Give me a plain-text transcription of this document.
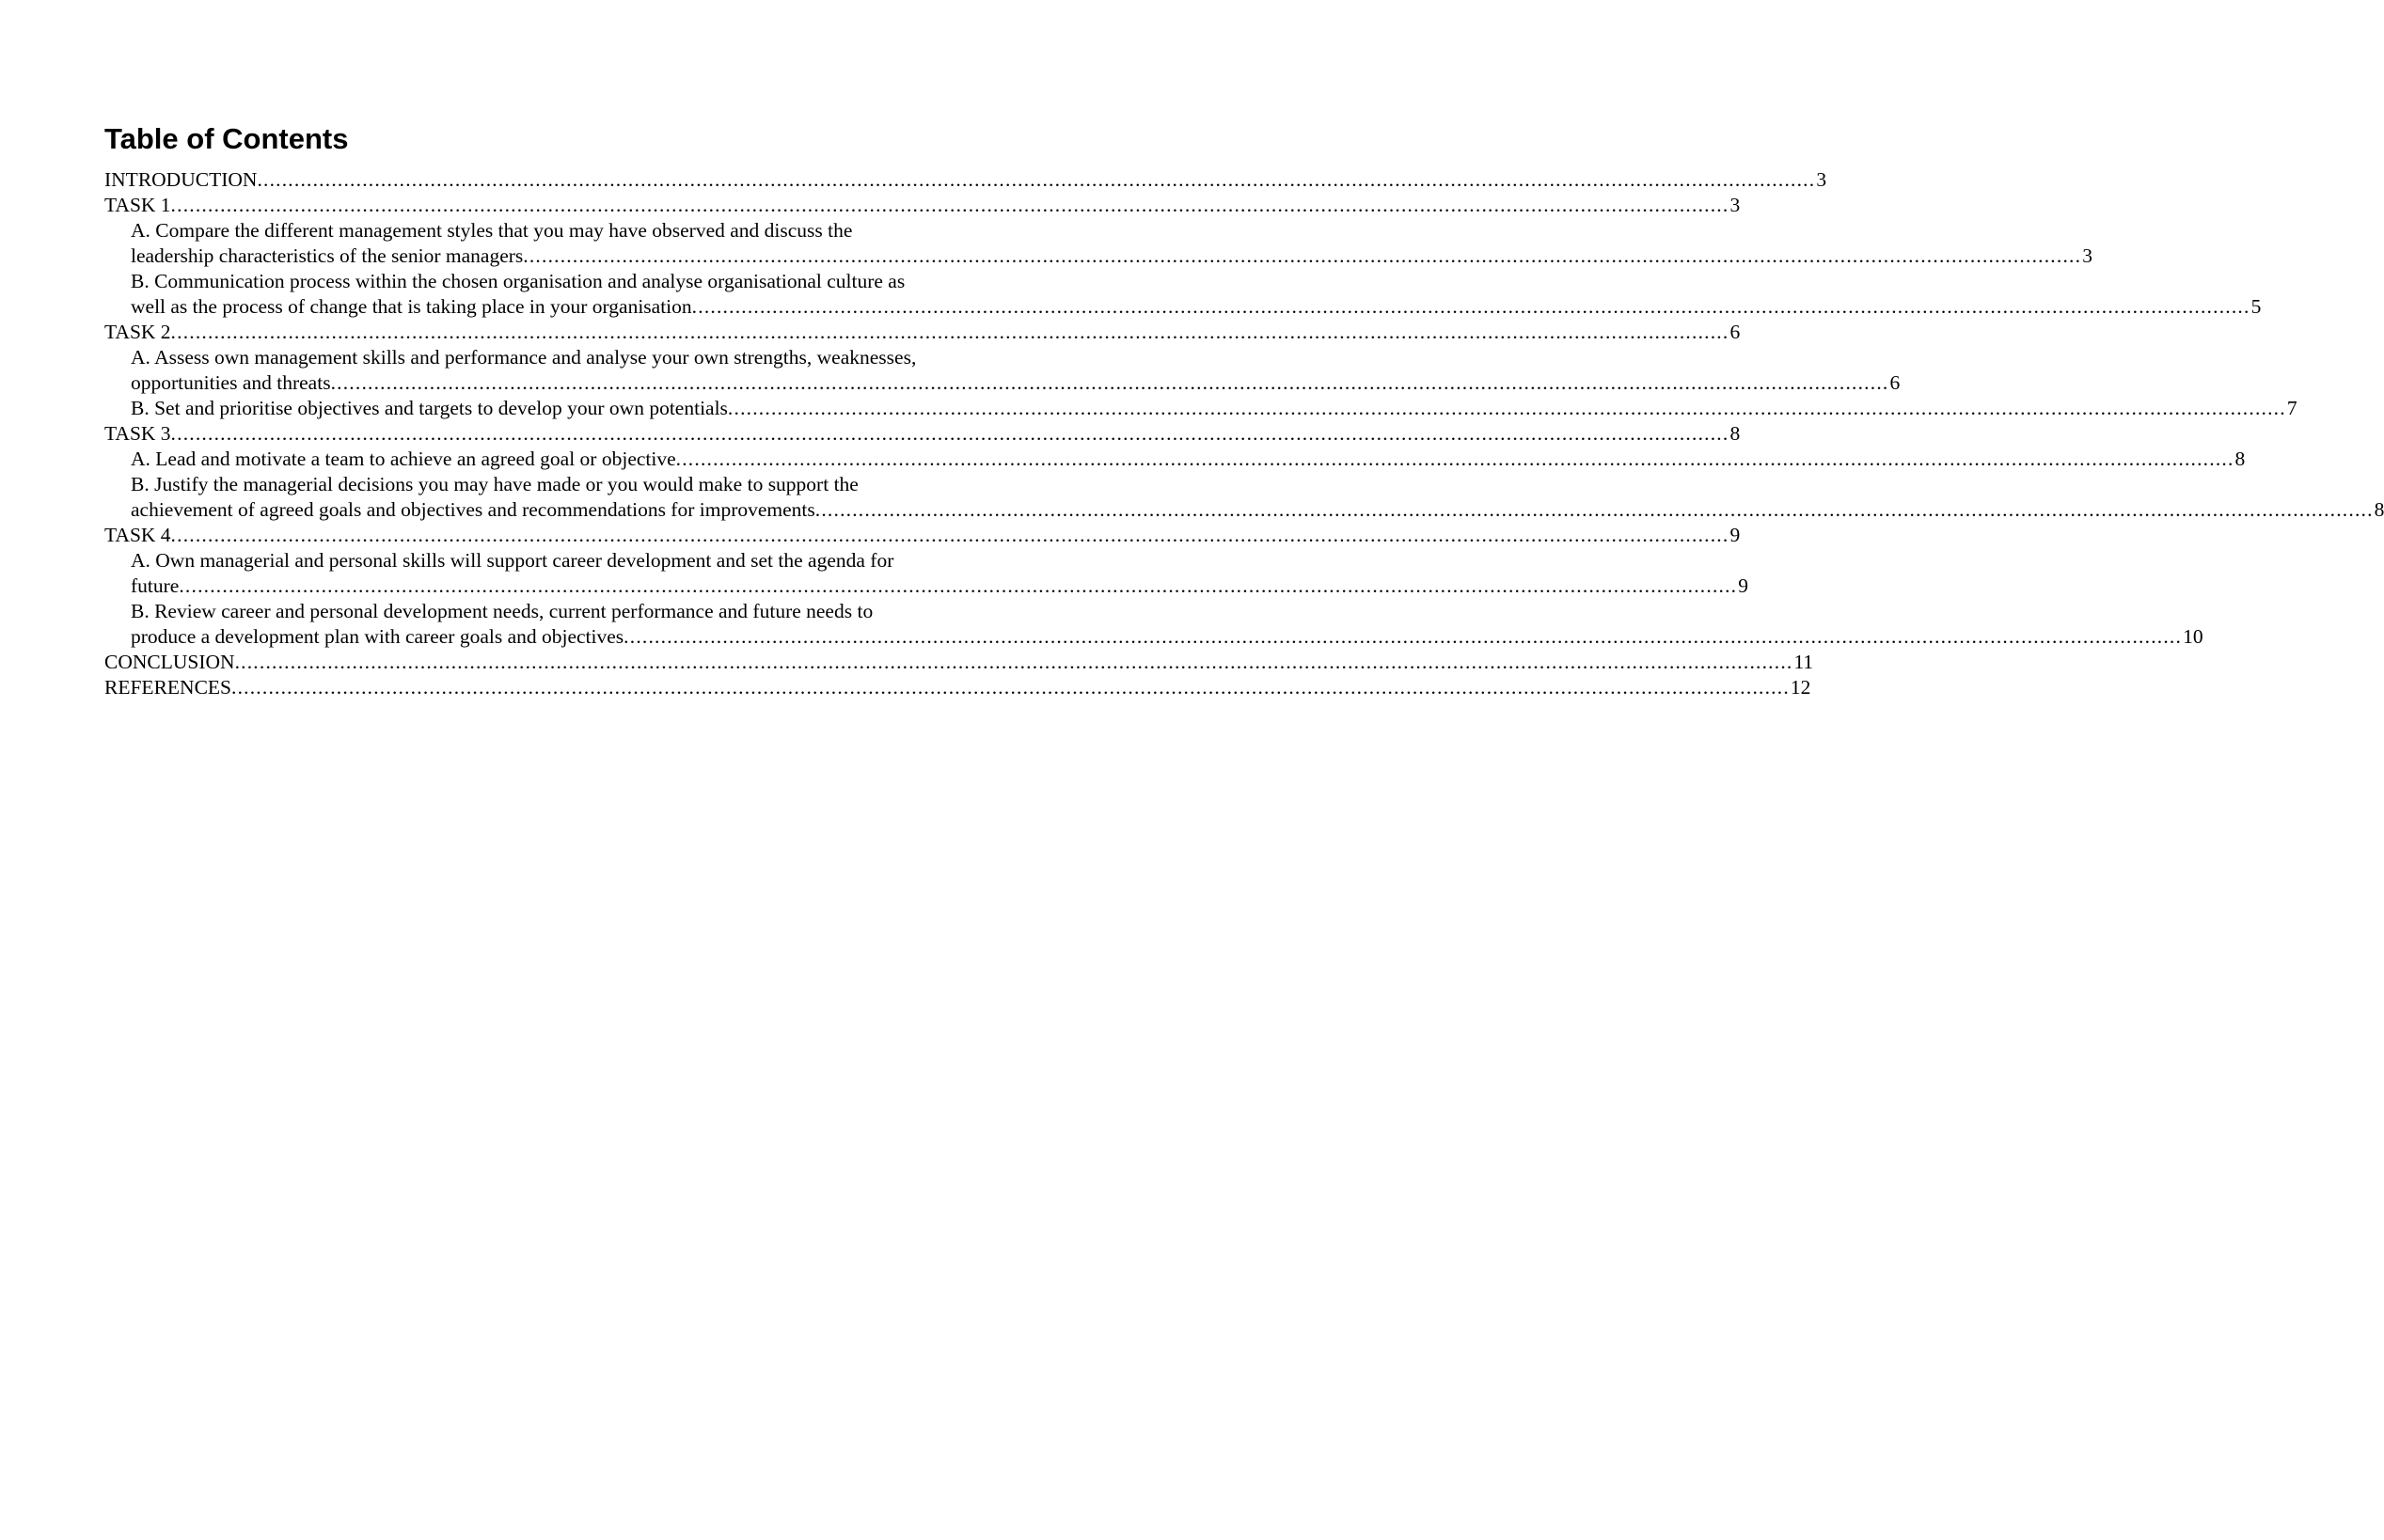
Table of Contents
INTRODUCTION .....	3
TASK 1 .....	3
A. Compare the different management styles that you may have observed and discuss the
leadership characteristics of the senior managers .....	3
B. Communication process within the chosen organisation and analyse organisational culture as
well as the process of change that is taking place in your organisation .....	5
TASK 2 .....	6
A. Assess own management skills and performance and analyse your own strengths, weaknesses,
opportunities and threats .....	6
B. Set and prioritise objectives and targets to develop your own potentials .....	7
TASK 3 .....	8
A. Lead and motivate a team to achieve an agreed goal or objective .....	8
B. Justify the managerial decisions you may have made or you would make to support the
achievement of agreed goals and objectives and recommendations for improvements .....	8
TASK 4 .....	9
A. Own managerial and personal skills will support career development and set the agenda for
future .....	9
B. Review career and personal development needs, current performance and future needs to
produce a development plan with career goals and objectives .....	10
CONCLUSION .....	11
REFERENCES .....	12
